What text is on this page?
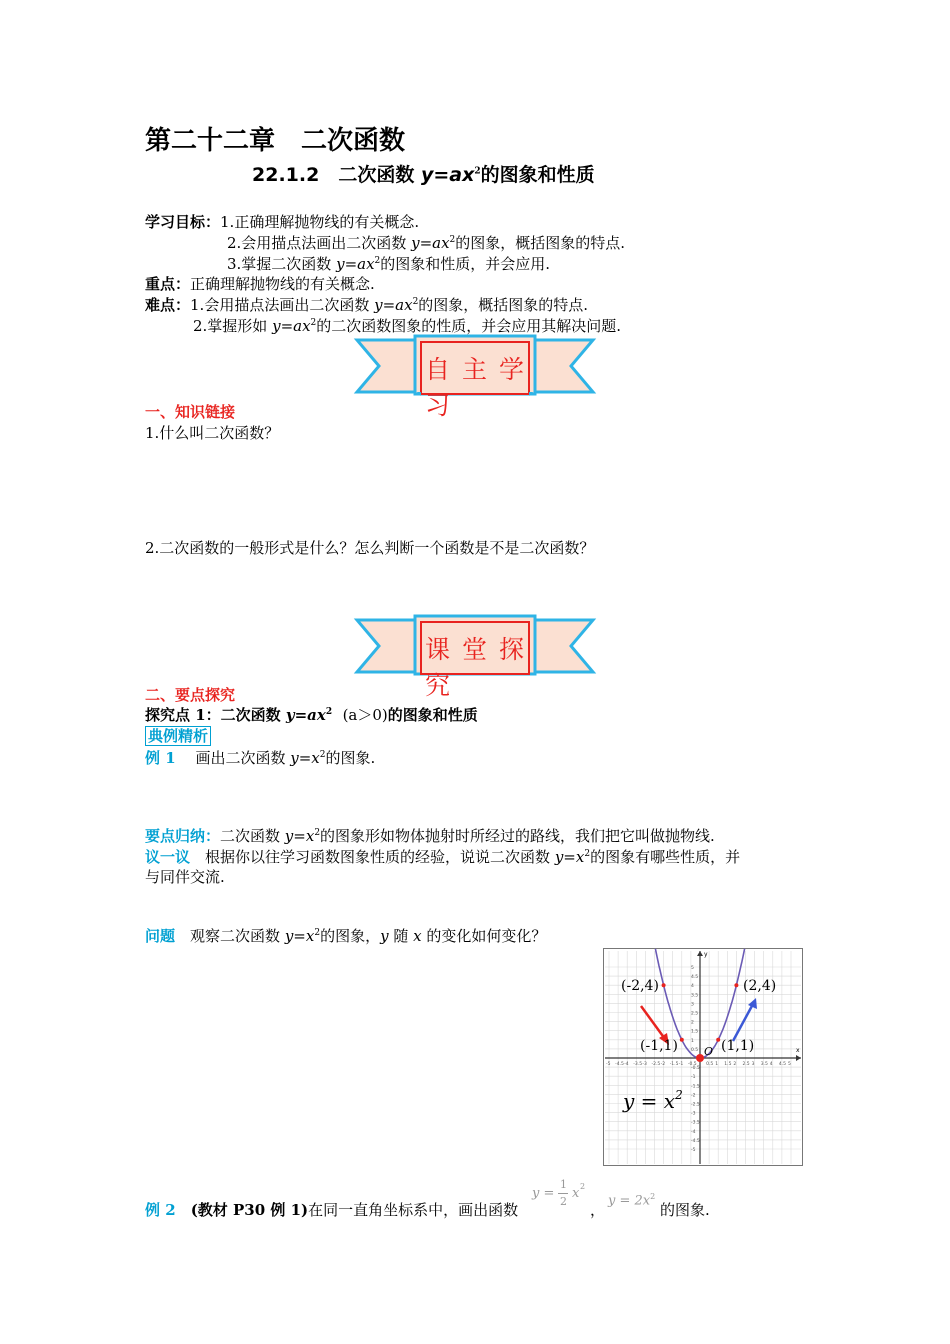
第二十二章　二次函数
22.1.2　 二次函数 $y=ax^2$的图象和性质
学习目标：1.正确理解抛物线的有关概念.
2.会用描点法画出二次函数 $y=ax^2$的图象，概括图象的特点.
3.掌握二次函数 $y=ax^2$的图象和性质，并会应用.
重点：正确理解抛物线的有关概念.
难点：1.会用描点法画出二次函数 $y=ax^2$的图象，概括图象的特点.
2.掌握形如 $y=ax^2$的二次函数图象的性质，并会应用其解决问题.
自 主 学
习
一、知识链接
1.什么叫二次函数？
2.二次函数的一般形式是什么？怎么判断一个函数是不是二次函数？
课 堂 探
究
二、要点探究
探究点 1：二次函数 $y=ax^2$ (a＞0)的图象和性质
典例精析
例 1　 画出二次函数 $y=x^2$的图象.
要点归纳：二次函数 $y=x^2$的图象形如物体抛射时所经过的路线，我们把它叫做抛物线.
议一议　 根据你以往学习函数图象性质的经验，说说二次函数 $y=x^2$的图象有哪些性质，并
与同伴交流.
问题　 观察二次函数 $y=x^2$的图象，y 随 x 的变化如何变化？
x
y
-5 -4.5 -4 -3.5 -3 -2.5 -2 -1.5 -1 -0.5 0.5 1 1.5 2 2.5 3 3.5 4 4.5 5
5
4.5
4
3.5
3
2.5
2
1.5
1
0.5
-0.5
-1
-1.5
-2
-2.5
-3
-3.5
-4
-4.5
-5
(-2,4)	(2,4)
(-1,1)	(1,1)
O
$y = x^2$
例 2　 (教材 P30 例 1)在同一直角坐标系中，画出函数
y =
1
2
x 2
，
$y = 2x^2$
的图象.
